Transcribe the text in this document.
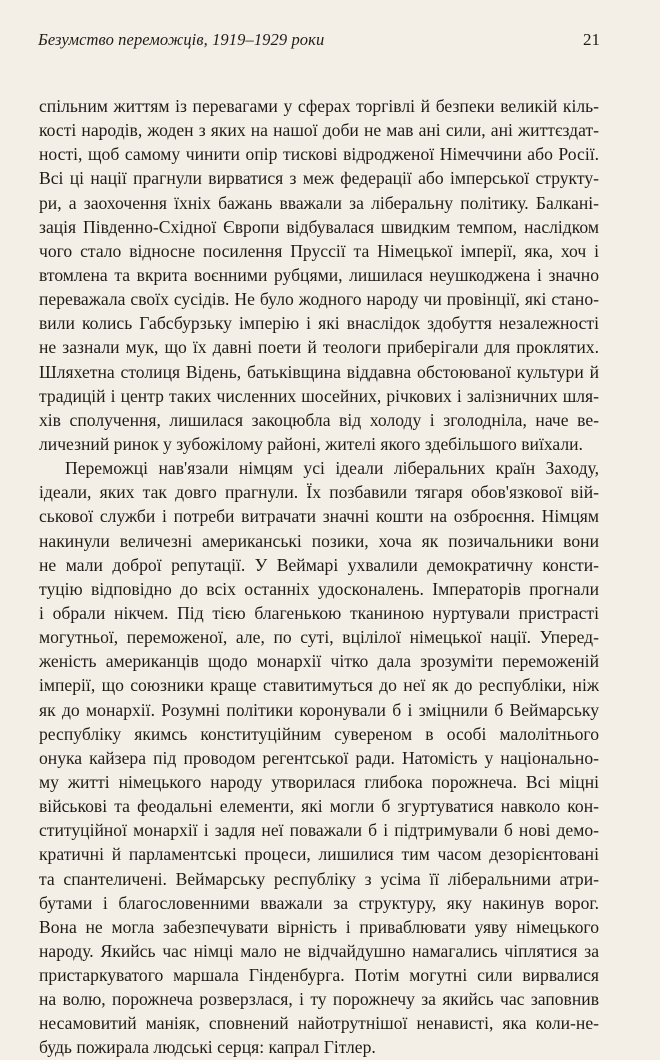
Безумство переможців, 1919–1929 роки	21

спільним життям із перевагами у сферах торгівлі й безпеки великій кіль-
кості народів, жоден з яких на нашої доби не мав ані сили, ані життєздат-
ності, щоб самому чинити опір тисковi відродженої Німеччини або Росії.
Всі ці нації прагнули вирватися з меж федерації або імперської структу-
ри, а заохочення їхніх бажань вважали за ліберальну політику. Балкані-
зація Південно-Східної Європи відбувалася швидким темпом, наслідком
чого стало відносне посилення Пруссії та Німецької імперії, яка, хоч і
втомлена та вкрита воєнними рубцями, лишилася неушкоджена і значно
переважала своїх сусідів. Не було жодного народу чи провінції, які стано-
вили колись Габсбурзьку імперію і які внаслідок здобуття незалежності
не зазнали мук, що їх давні поети й теологи приберігали для проклятих.
Шляхетна столиця Відень, батьківщина віддавна обстоюваної культури й
традицій і центр таких численних шосейних, річкових і залізничних шля-
хів сполучення, лишилася закоцюбла від холоду і зголоднiла, наче ве-
личезний ринок у зубожілому районі, жителі якого здебільшого виїхали.

Переможці нав'язали німцям усі ідеали ліберальних країн Заходу,
ідеали, яких так довго прагнули. Їх позбавили тягаря обов'язкової вій-
ськової служби і потреби витрачати значні кошти на озброєння. Німцям
накинули величезні американські позики, хоча як позичальники вони
не мали доброї репутації. У Веймарі ухвалили демократичну консти-
туцію відповідно до всіх останніх удосконалень. Імператорів прогнали
і обрали нікчем. Під тією благенькою тканиною нуртували пристрасті
могутньої, переможеної, але, по суті, вцілілої німецької нації. Уперед-
женість американців щодо монархії чітко дала зрозуміти переможеній
імперії, що союзники краще ставитимуться до неї як до республіки, ніж
як до монархії. Розумні політики коронували б і зміцнили б Веймарську
республіку якимсь конституційним сувереном в особі малолітнього
онука кайзера під проводом регентської ради. Натомість у національно-
му житті німецького народу утворилася глибока порожнеча. Всі міцні
військові та феодальні елементи, які могли б згуртуватися навколо кон-
ституційної монархії і задля неї поважали б і підтримували б нові демо-
кратичні й парламентські процеси, лишилися тим часом дезорієнтовані
та спантеличені. Веймарську республіку з усіма її ліберальними атри-
бутами і благословенними вважали за структуру, яку накинув ворог.
Вона не могла забезпечувати вірність і приваблювати уяву німецького
народу. Якийсь час німці мало не відчайдушно намагались чіплятися за
пристаркуватого маршала Гінденбурга. Потім могутні сили вирвалися
на волю, порожнеча розверзлася, і ту порожнечу за якийсь час заповнив
несамовитий маніяк, сповнений найотрутнішої ненависті, яка коли-не-
будь пожирала людські серця: капрал Гітлер.
